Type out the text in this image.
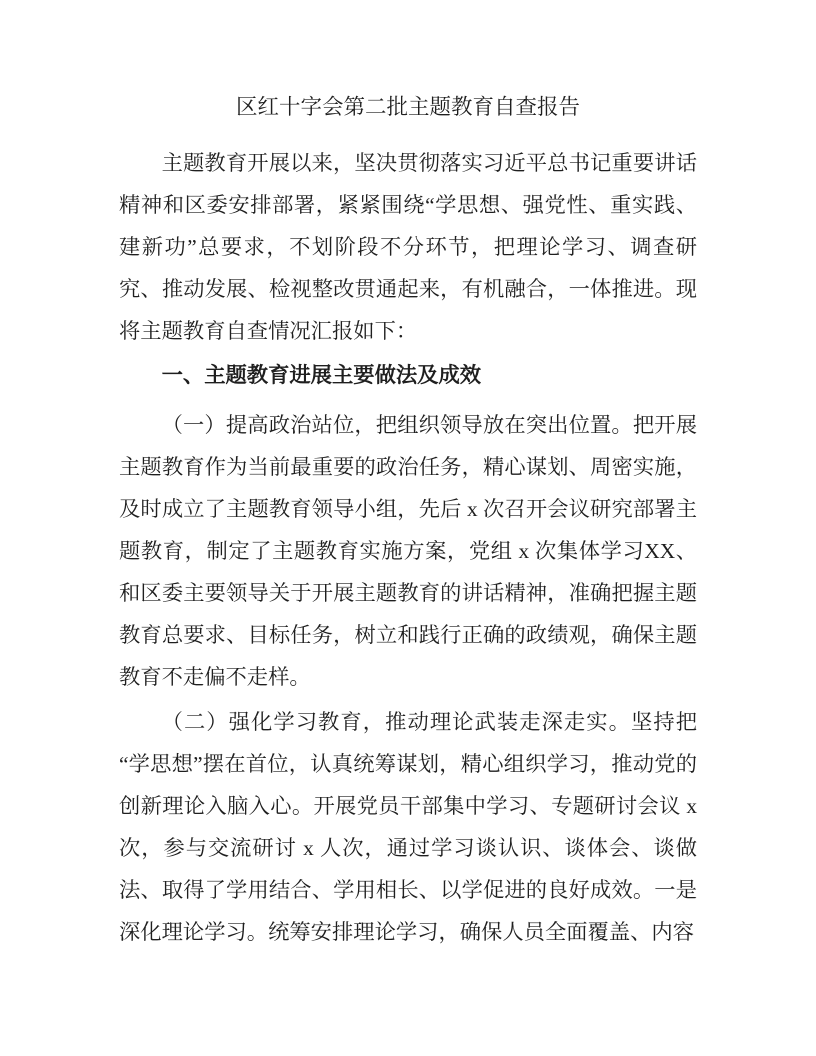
区红十字会第二批主题教育自查报告

主题教育开展以来，坚决贯彻落实习近平总书记重要讲话精神和区委安排部署，紧紧围绕“学思想、强党性、重实践、建新功”总要求，不划阶段不分环节，把理论学习、调查研究、推动发展、检视整改贯通起来，有机融合，一体推进。现将主题教育自查情况汇报如下：

一、主题教育进展主要做法及成效

（一）提高政治站位，把组织领导放在突出位置。把开展主题教育作为当前最重要的政治任务，精心谋划、周密实施，及时成立了主题教育领导小组，先后 x 次召开会议研究部署主题教育，制定了主题教育实施方案，党组 x 次集体学习XX、和区委主要领导关于开展主题教育的讲话精神，准确把握主题教育总要求、目标任务，树立和践行正确的政绩观，确保主题教育不走偏不走样。

（二）强化学习教育，推动理论武装走深走实。坚持把“学思想”摆在首位，认真统筹谋划，精心组织学习，推动党的创新理论入脑入心。开展党员干部集中学习、专题研讨会议 x 次，参与交流研讨 x 人次，通过学习谈认识、谈体会、谈做法、取得了学用结合、学用相长、以学促进的良好成效。一是深化理论学习。统筹安排理论学习，确保人员全面覆盖、内容
